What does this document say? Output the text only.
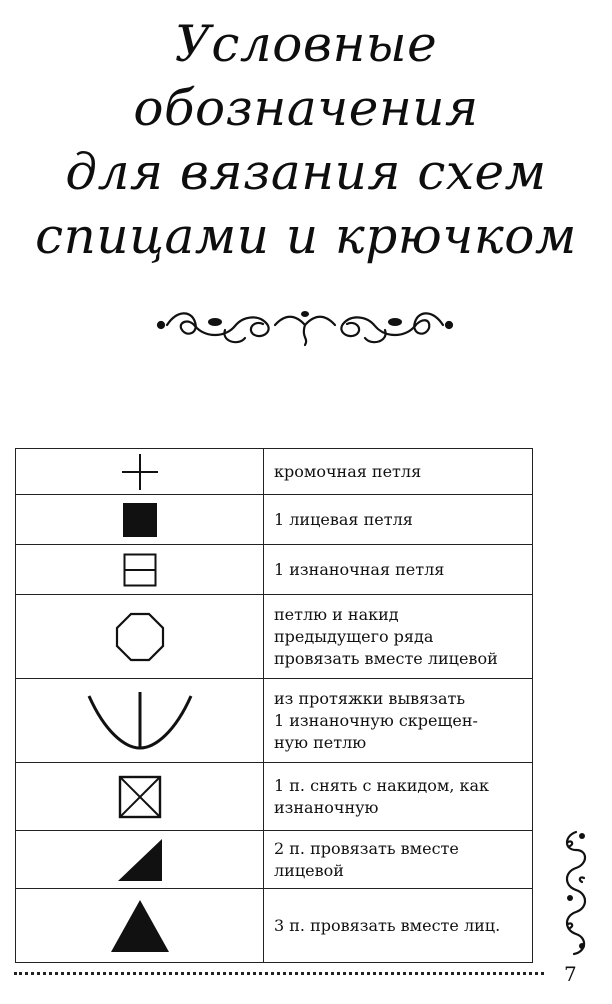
Условные
обозначения
для вязания схем
спицами и крючком

кромочная петля

1 лицевая петля

1 изнаночная петля

петлю и накид
предыдущего ряда
провязать вместе лицевой

из протяжки вывязать
1 изнаночную скрещен-
ную петлю

1 п. снять с накидом, как
изнаночную

2 п. провязать вместе
лицевой

3 п. провязать вместе лиц.
7
